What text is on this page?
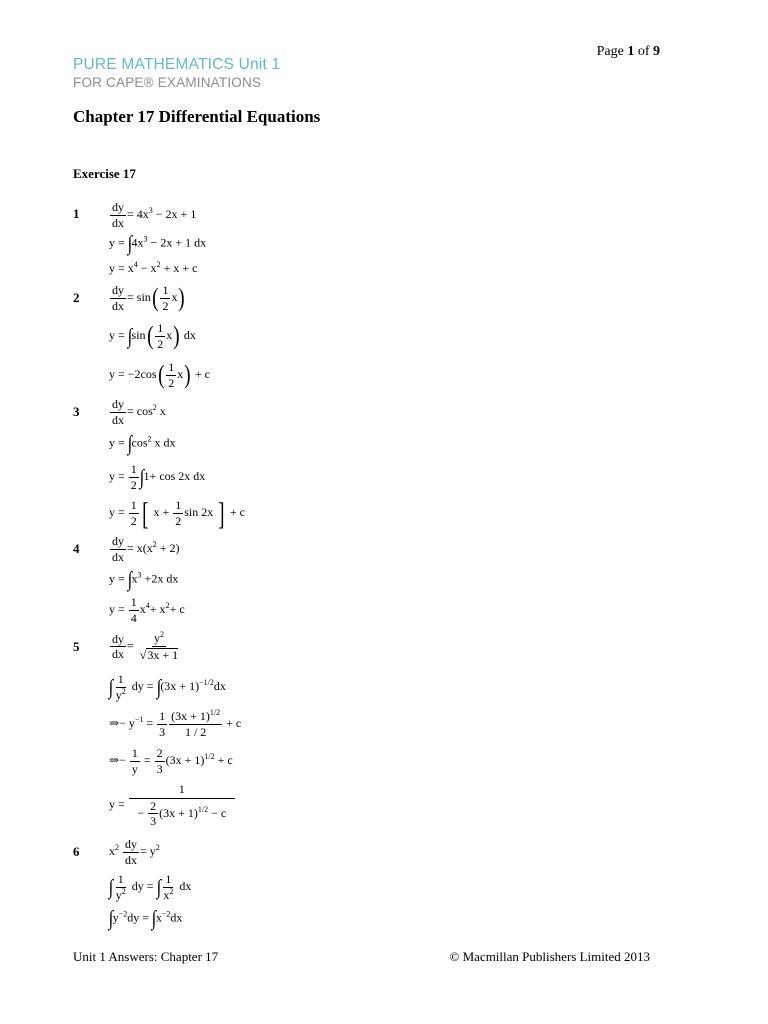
PURE MATHEMATICS Unit 1
FOR CAPE® EXAMINATIONS
Page 1 of 9
Chapter 17 Differential Equations
Exercise 17
1
2
3
4
5
6
$\frac{dy}{dx} = 4x^3 - 2x + 1$
$y = \int 4x^3 - 2x + 1$ dx
$y = x^4 - x^2 + x + c$
$\frac{dy}{dx} = \sin( \frac{1}{2} x)$
$y = \int\sin( \frac{1}{2} x)$ dx
$y = -2\cos( \frac{1}{2} x) + c$
$\frac{dy}{dx} = \cos^2 x$
$y = \int\cos^2$ x dx
$y = \frac{1}{2} \int 1+ \cos 2x$ dx
$y = \frac{1}{2}$ [ $x + \frac{1}{2}$ sin 2x ] + c
$\frac{dy}{dx} = x(x^2 + 2)$
$y = \int x^3 +2x$ dx
$y = \frac{1}{4} x^4+ x^2+ c$
$\frac{dy}{dx} = \frac{y^2}{√3x + 1}$
∫ $\frac{1}{y^2}$ dy = $\int(3x + 1)^{-1/2}dx$
⇒− $y^{-1} = \frac{1}{3} \frac{(3x + 1)^{1/2}}{1 / 2} + c$
⇒− $\frac{1}{y} = \frac{2}{3} (3x + 1)^{1/2} + c$
$y = \frac{1}{- \frac{2}{3} (3x + 1)^{1/2} - c}$
$x^2 \frac{dy}{dx} = y^2$
∫ $\frac{1}{y^2}$ dy = ∫ $\frac{1}{x^2}$ dx
$\int y^{-2}dy = \int x^{-2}dx$
Unit 1 Answers: Chapter 17	© Macmillan Publishers Limited 2013
